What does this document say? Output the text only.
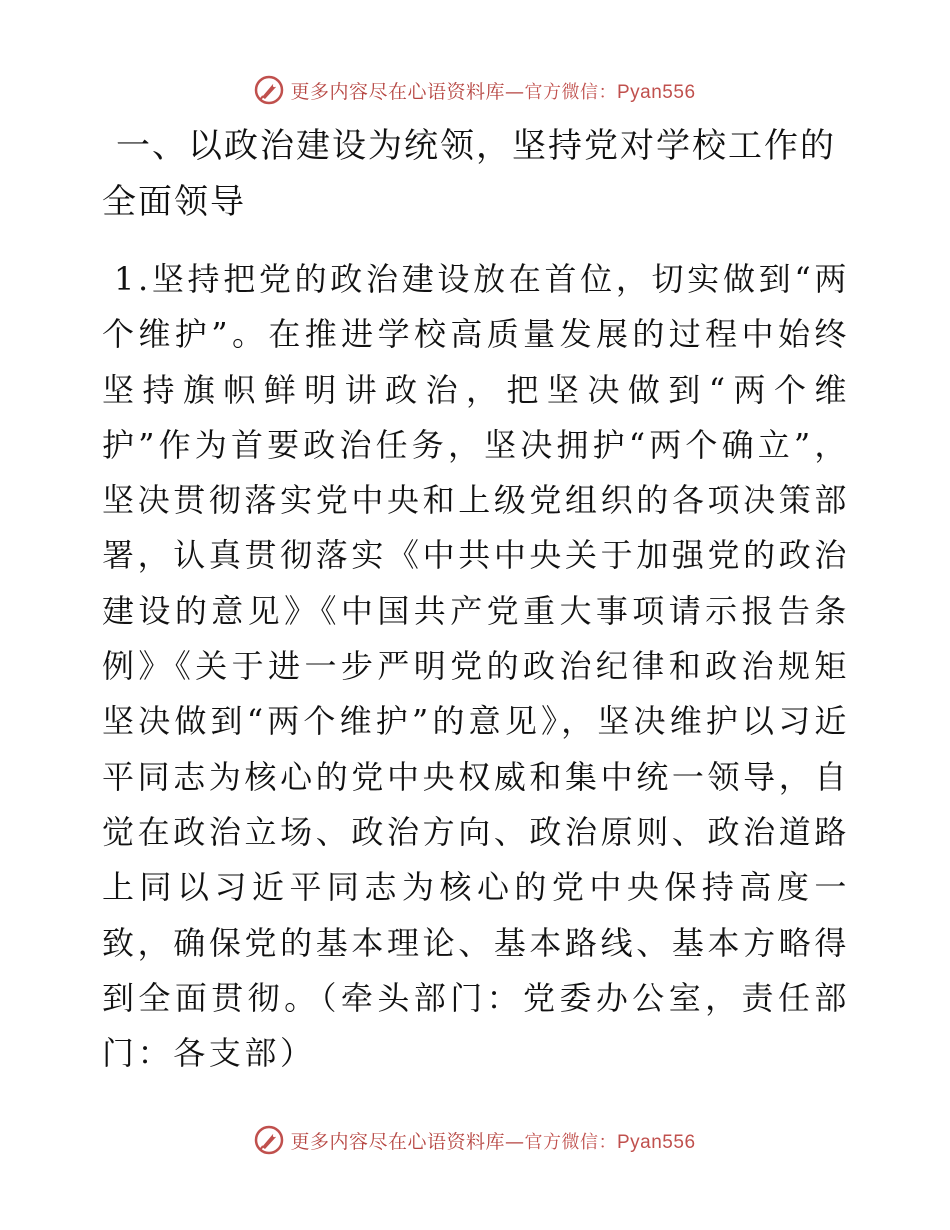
更多内容尽在心语资料库—官方微信：Pyan556
一、以政治建设为统领，坚持党对学校工作的全面领导

1.坚持把党的政治建设放在首位，切实做到“两个维护”。在推进学校高质量发展的过程中始终坚持旗帜鲜明讲政治，把坚决做到“两个维护”作为首要政治任务，坚决拥护“两个确立”，坚决贯彻落实党中央和上级党组织的各项决策部署，认真贯彻落实《中共中央关于加强党的政治建设的意见》《中国共产党重大事项请示报告条例》《关于进一步严明党的政治纪律和政治规矩坚决做到“两个维护”的意见》，坚决维护以习近平同志为核心的党中央权威和集中统一领导，自觉在政治立场、政治方向、政治原则、政治道路上同以习近平同志为核心的党中央保持高度一致，确保党的基本理论、基本路线、基本方略得到全面贯彻。（牵头部门：党委办公室，责任部门：各支部）

更多内容尽在心语资料库—官方微信：Pyan556
